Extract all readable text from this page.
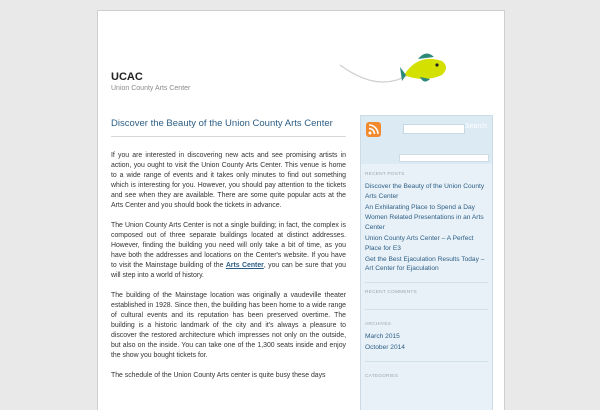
UCAC
Union County Arts Center
Discover the Beauty of the Union County Arts Center

If you are interested in discovering new acts and see promising artists in action, you ought to visit the Union County Arts Center. This venue is home to a wide range of events and it takes only minutes to find out something which is interesting for you. However, you should pay attention to the tickets and see when they are available. There are some quite popular acts at the Arts Center and you should book the tickets in advance.

The Union County Arts Center is not a single building; in fact, the complex is composed out of three separate buildings located at distinct addresses. However, finding the building you need will only take a bit of time, as you have both the addresses and locations on the Center's website. If you have to visit the Mainstage building of the Arts Center, you can be sure that you will step into a world of history.

The building of the Mainstage location was originally a vaudeville theater established in 1928. Since then, the building has been home to a wide range of cultural events and its reputation has been preserved overtime. The building is a historic landmark of the city and it's always a pleasure to discover the restored architecture which impresses not only on the outside, but also on the inside. You can take one of the 1,300 seats inside and enjoy the show you bought tickets for.

The schedule of the Union County Arts center is quite busy these days

Search
RECENT POSTS
Discover the Beauty of the Union County Arts Center
An Exhilarating Place to Spend a Day
Women Related Presentations in an Arts Center
Union County Arts Center – A Perfect Place for E3
Get the Best Ejaculation Results Today – Art Center for Ejaculation
RECENT COMMENTS
ARCHIVES
March 2015
October 2014
CATEGORIES
